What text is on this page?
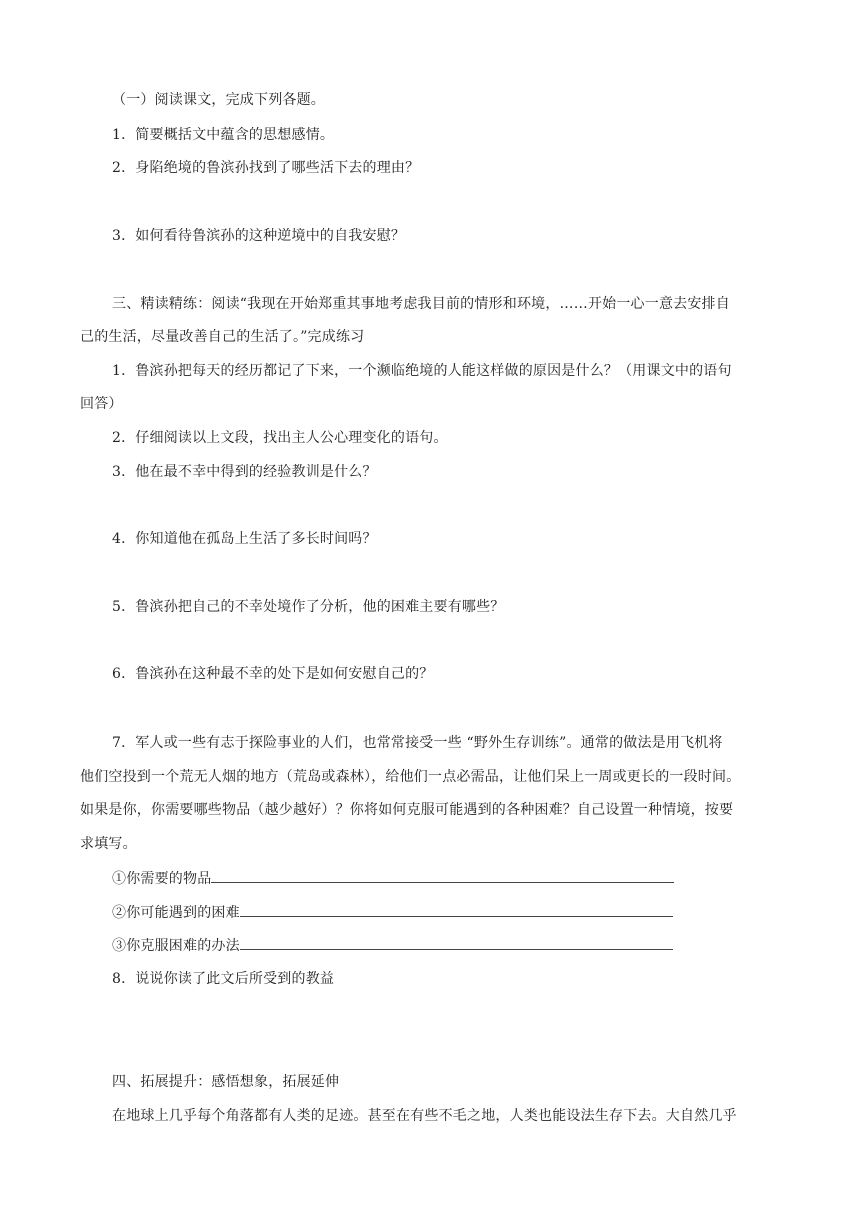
（一）阅读课文，完成下列各题。
1．简要概括文中蕴含的思想感情。
2．身陷绝境的鲁滨孙找到了哪些活下去的理由？
3．如何看待鲁滨孙的这种逆境中的自我安慰？
三、精读精练：阅读“我现在开始郑重其事地考虑我目前的情形和环境，……开始一心一意去安排自
己的生活，尽量改善自己的生活了。”完成练习
1．鲁滨孙把每天的经历都记了下来，一个濒临绝境的人能这样做的原因是什么？（用课文中的语句
回答）
2．仔细阅读以上文段，找出主人公心理变化的语句。
3．他在最不幸中得到的经验教训是什么？
4．你知道他在孤岛上生活了多长时间吗？
5．鲁滨孙把自己的不幸处境作了分析，他的困难主要有哪些？
6．鲁滨孙在这种最不幸的处下是如何安慰自己的？
7．军人或一些有志于探险事业的人们，也常常接受一些 “野外生存训练”。通常的做法是用飞机将
他们空投到一个荒无人烟的地方（荒岛或森林），给他们一点必需品，让他们呆上一周或更长的一段时间。
如果是你，你需要哪些物品（越少越好）？你将如何克服可能遇到的各种困难？自己设置一种情境，按要
求填写。
①你需要的物品
②你可能遇到的困难
③你克服困难的办法
8．说说你读了此文后所受到的教益
四、拓展提升：感悟想象，拓展延伸
在地球上几乎每个角落都有人类的足迹。甚至在有些不毛之地，人类也能设法生存下去。大自然几乎
